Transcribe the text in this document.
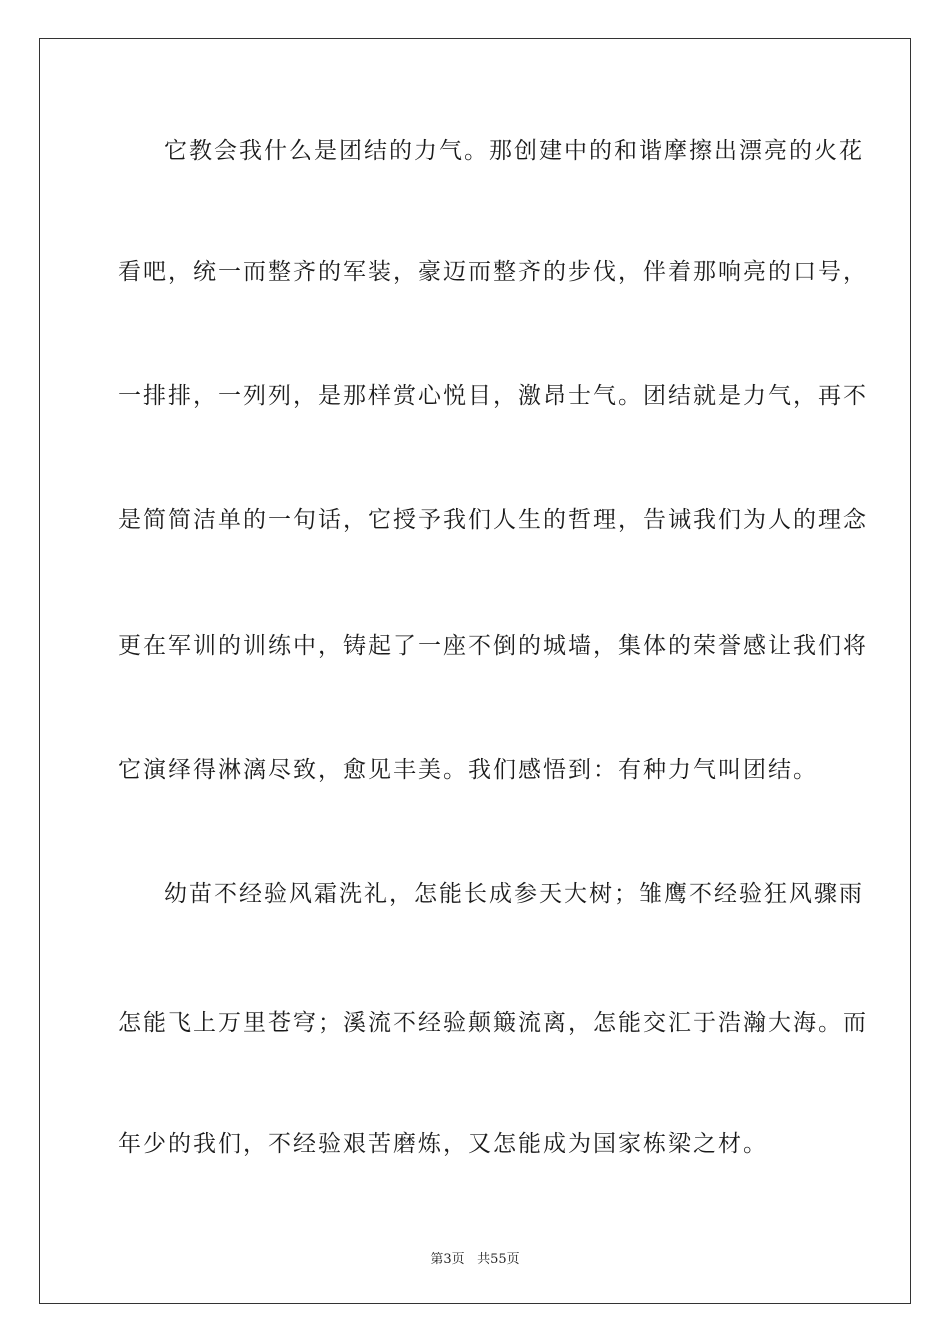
它教会我什么是团结的力气。那创建中的和谐摩擦出漂亮的火花
看吧，统一而整齐的军装，豪迈而整齐的步伐，伴着那响亮的口号，
一排排，一列列，是那样赏心悦目，激昂士气。团结就是力气，再不
是简简洁单的一句话，它授予我们人生的哲理，告诫我们为人的理念
更在军训的训练中，铸起了一座不倒的城墙，集体的荣誉感让我们将
它演绎得淋漓尽致，愈见丰美。我们感悟到：有种力气叫团结。
幼苗不经验风霜洗礼，怎能长成参天大树；雏鹰不经验狂风骤雨
怎能飞上万里苍穹；溪流不经验颠簸流离，怎能交汇于浩瀚大海。而
年少的我们，不经验艰苦磨炼，又怎能成为国家栋梁之材。
第3页 共55页
